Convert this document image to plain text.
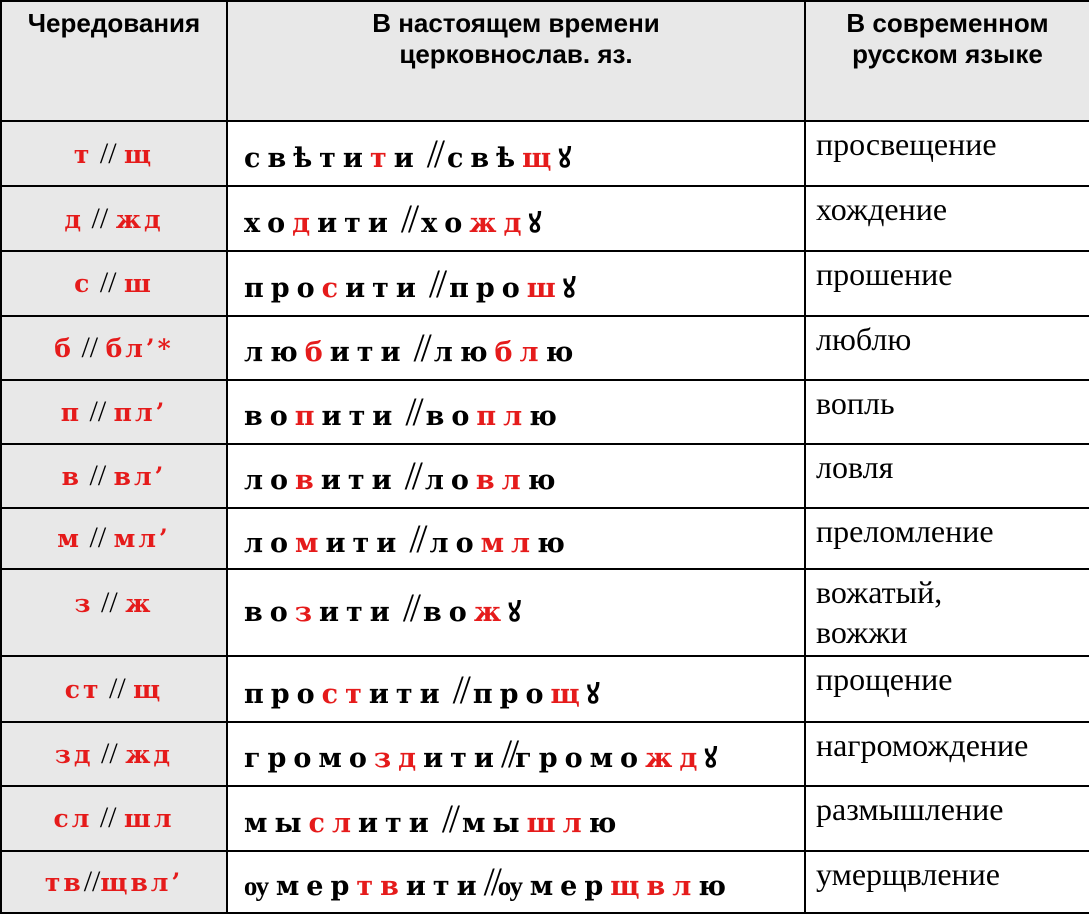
Чередования	В настоящем времени церковнослав. яз.	В современном русском языке
т // щ	свѣтити // свѣщꙋ	просвещение
д // жд	ходити // хождꙋ	хождение
с // ш	просити // прошꙋ	прошение
б // бл’*	любити // люблю	люблю
п // пл’	вопити // воплю	вопль
в // вл’	ловити // ловлю	ловля
м // мл’	ломити // ломлю	преломление
з // ж	возити // вожꙋ	вожатый,
вожжи
ст // щ	простити // прощꙋ	прощение
зд // жд	громоздити//громождꙋ	нагромождение
сл // шл	мыслити // мышлю	размышление
тв//щвл’	ѹмертвити//ѹмерщвлю	умерщвление
